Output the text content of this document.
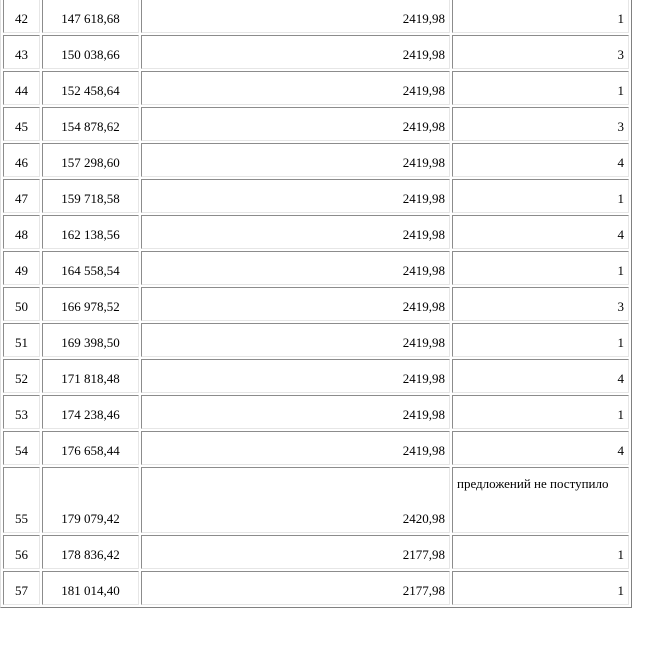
42	147 618,68	2419,98	1
43	150 038,66	2419,98	3
44	152 458,64	2419,98	1
45	154 878,62	2419,98	3
46	157 298,60	2419,98	4
47	159 718,58	2419,98	1
48	162 138,56	2419,98	4
49	164 558,54	2419,98	1
50	166 978,52	2419,98	3
51	169 398,50	2419,98	1
52	171 818,48	2419,98	4
53	174 238,46	2419,98	1
54	176 658,44	2419,98	4
55	179 079,42	2420,98	предложений не поступило
56	178 836,42	2177,98	1
57	181 014,40	2177,98	1
